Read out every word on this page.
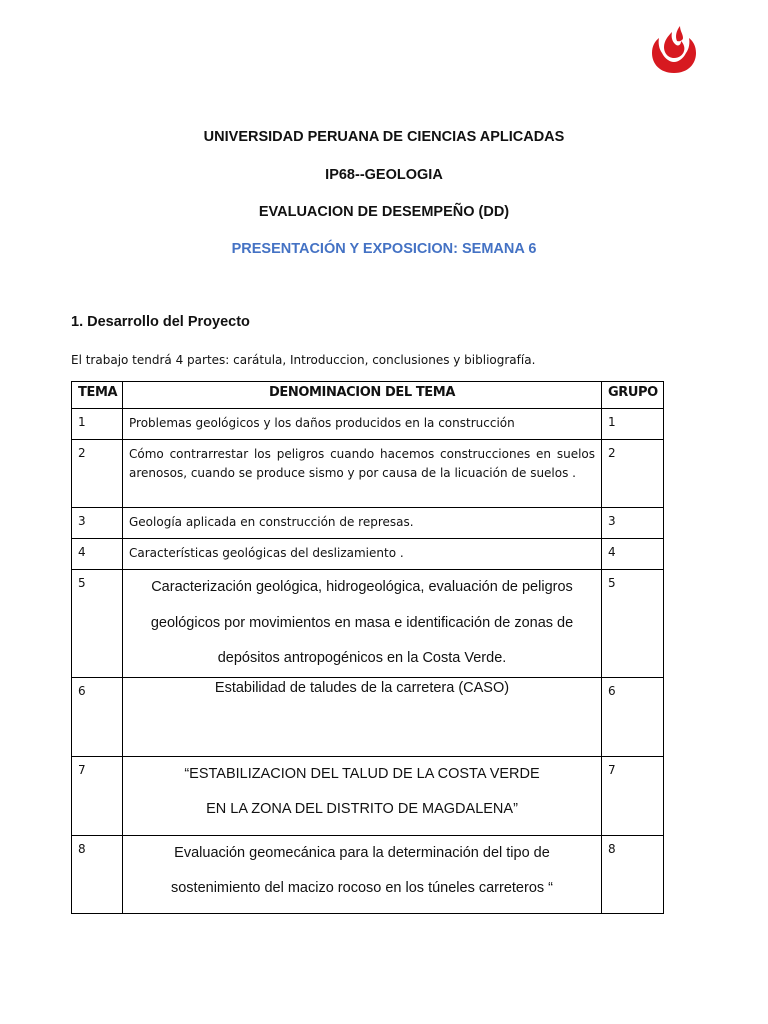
UNIVERSIDAD PERUANA DE CIENCIAS APLICADAS
IP68--GEOLOGIA
EVALUACION DE DESEMPEÑO (DD)
PRESENTACIÓN Y EXPOSICION: SEMANA 6
1. Desarrollo del Proyecto
El trabajo tendrá 4 partes: carátula, Introduccion, conclusiones y bibliografía.
TEMA	DENOMINACION DEL TEMA	GRUPO
1	Problemas geológicos y los daños producidos en la construcción	1
2	Cómo contrarrestar los peligros cuando hacemos construcciones en suelos arenosos, cuando se produce sismo y por causa de la licuación de suelos .	2
3	Geología aplicada en construcción de represas.	3
4	Características geológicas del deslizamiento .	4
5	Caracterización geológica, hidrogeológica, evaluación de peligros geológicos por movimientos en masa e identificación de zonas de depósitos antropogénicos en la Costa Verde.	5
6	Estabilidad de taludes de la carretera (CASO)	6
7	“ESTABILIZACION DEL TALUD DE LA COSTA VERDE EN LA ZONA DEL DISTRITO DE MAGDALENA”	7
8	Evaluación geomecánica para la determinación del tipo de sostenimiento del macizo rocoso en los túneles carreteros “	8
